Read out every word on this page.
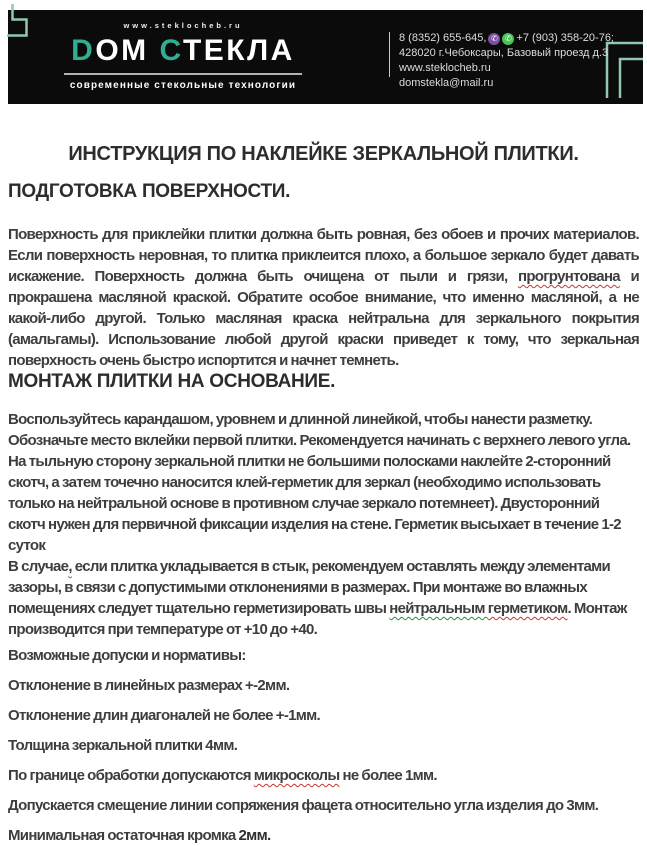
www.steklocheb.ru
DОМ СТЕКЛА
современные стекольные технологии
8 (8352) 655-645, ✆ ✆ +7 (903) 358-20-76;
428020 г.Чебоксары, Базовый проезд д.3
www.steklocheb.ru
domstekla@mail.ru
ИНСТРУКЦИЯ ПО НАКЛЕЙКЕ ЗЕРКАЛЬНОЙ ПЛИТКИ.
ПОДГОТОВКА ПОВЕРХНОСТИ.

Поверхность для приклейки плитки должна быть ровная, без обоев и прочих материалов. Если поверхность неровная, то плитка приклеится плохо, а большое зеркало будет давать искажение. Поверхность должна быть очищена от пыли и грязи, прогрунтована и прокрашена масляной краской. Обратите особое внимание, что именно масляной, а не какой-либо другой. Только масляная краска нейтральна для зеркального покрытия (амальгамы). Использование любой другой краски приведет к тому, что зеркальная поверхность очень быстро испортится и начнет темнеть.

МОНТАЖ ПЛИТКИ НА ОСНОВАНИЕ.

Воспользуйтесь карандашом, уровнем и длинной линейкой, чтобы нанести разметку. Обозначьте место вклейки первой плитки. Рекомендуется начинать с верхнего левого угла. На тыльную сторону зеркальной плитки не большими полосками наклейте 2-сторонний скотч, а затем точечно наносится клей-герметик для зеркал (необходимо использовать только на нейтральной основе в противном случае зеркало потемнеет). Двусторонний скотч нужен для первичной фиксации изделия на стене. Герметик высыхает в течение 1-2 суток

В случае, если плитка укладывается в стык, рекомендуем оставлять между элементами зазоры, в связи с допустимыми отклонениями в размерах. При монтаже во влажных помещениях следует тщательно герметизировать швы нейтральным герметиком. Монтаж производится при температуре от +10 до +40.

Возможные допуски и нормативы:

Отклонение в линейных размерах +-2мм.

Отклонение длин диагоналей не более +-1мм.

Толщина зеркальной плитки 4мм.

По границе обработки допускаются микросколы не более 1мм.

Допускается смещение линии сопряжения фацета относительно угла изделия до 3мм.

Минимальная остаточная кромка 2мм.
